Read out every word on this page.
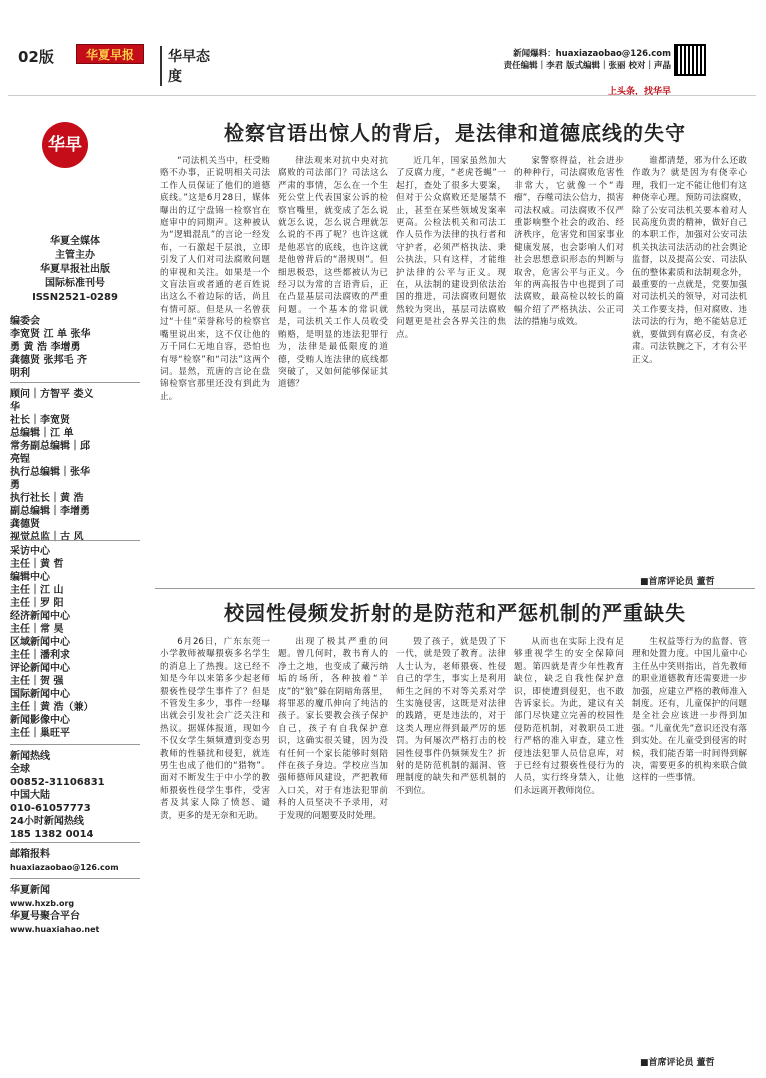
02版	华夏早报	华早态度
新闻爆料：huaxiazaobao@126.com
责任编辑｜李君 版式编辑｜张丽 校对｜声晶
上头条，找华早
华早
华夏全媒体
主管主办
华夏早报社出版
国际标准刊号
ISSN2521-0289
编委会
李宽贤 江 单 张华
勇 黄 浩 李增勇
龚德贤 张邦毛 齐
明利
顾问｜方智平 娄义
华
社长｜李宽贤
总编辑｜江 单
常务副总编辑｜邱
亮锃
执行总编辑｜张华
勇
执行社长｜黄 浩
副总编辑｜李增勇
龚德贤
视觉总监｜古 风
采访中心
主任｜黄 哲
编辑中心
主任｜江 山
主任｜罗 阳
经济新闻中心
主任｜常 昊
区域新闻中心
主任｜潘利求
评论新闻中心
主任｜贺 强
国际新闻中心
主任｜黄 浩（兼）
新闻影像中心
主任｜巢旺平
新闻热线
全球
00852-31106831
中国大陆
010-61057773
24小时新闻热线
185 1382 0014
邮箱报料
huaxiazaobao@126.com
华夏新闻
www.hxzb.org
华夏号聚合平台
www.huaxiahao.net
检察官语出惊人的背后，是法律和道德底线的失守

“司法机关当中，枉受贿赂不办事，正说明相关司法工作人员保证了他们的道德底线。”这是6月28日，媒体曝出的辽宁盘锦一检察官在庭审中的同期声。这种被认为“逻辑混乱”的言论一经发布，一石激起千层浪，立即引发了人们对司法腐败问题的审视和关注。如果是一个文盲法盲或者通的老百姓说出这么不着边际的话，尚且有情可原。但是从一名曾获过“十佳”荣誉称号的检察官嘴里说出来，这不仅让他的万千同仁无地自容，恐怕也有辱“检察”和“司法”这两个词。显然，荒唐的言论在盘锦检察官那里还没有到此为止。

律法观来对抗中央对抗腐败的司法部门？司法这么严肃的事情，怎么在一个生死公堂上代表国家公诉的检察官嘴里，就变成了怎么说就怎么说，怎么说合理就怎么说的不再了呢？也许这就是他恶官的底线，也许这就是他曾背后的“潜规则”。但细思极恐，这些都被认为已经习以为常的言语背后，正在凸显基层司法腐败的严重问题。一个基本的常识就是，司法机关工作人员收受贿赂，是明显的违法犯罪行为，法律是最低限度的道德，受贿人连法律的底线都突破了，又如何能够保证其道德？

近几年，国家虽然加大了反腐力度，“老虎苍蝇”一起打，查处了很多大要案，但对于公众腐败还是屡禁不止，甚至在某些领域发案率更高。公检法机关和司法工作人员作为法律的执行者和守护者，必须严格执法、秉公执法，只有这样，才能维护法律的公平与正义。现在，从法制的建设到依法治国的推进，司法腐败问题依然较为突出，基层司法腐败问题更是社会各界关注的焦点。

家警察得益，社会进步的种种行，司法腐败危害性非常大，它就像一个“毒瘤”，吞噬司法公信力，损害司法权威。司法腐败不仅严重影响整个社会的政治、经济秩序，危害党和国家事业健康发展，也会影响人们对社会思想意识形态的判断与取舍，危害公平与正义。今年的两高报告中也提到了司法腐败，最高检以较长的篇幅介绍了严格执法、公正司法的措施与成效。

谁都清楚，邪为什么还敢作敢为？就是因为有侥幸心理，我们一定不能让他们有这种侥幸心理。预防司法腐败，除了公安司法机关要本着对人民高度负责的精神，做好自己的本职工作，加强对公安司法机关执法司法活动的社会舆论监督，以及提高公安、司法队伍的整体素质和法制观念外，最重要的一点就是，党要加强对司法机关的领导，对司法机关工作要支持，但对腐败、违法司法的行为，绝不能姑息迁就，要做到有腐必反，有贪必肃。司法铁腕之下，才有公平正义。

■首席评论员 董哲
校园性侵频发折射的是防范和严惩机制的严重缺失

6月26日，广东东莞一小学教师被曝猥亵多名学生的消息上了热搜。这已经不知是今年以来第多少起老师猥亵性侵学生事件了？但是不管发生多少，事件一经曝出就会引发社会广泛关注和热议。据媒体报道，现如今不仅女学生频频遭到变态男教师的性骚扰和侵犯，就连男生也成了他们的“猎物”。面对不断发生于中小学的教师猥亵性侵学生事件，受害者及其家人除了愤怒、谴责，更多的是无奈和无助。

出现了极其严重的问题。曾几何时，教书育人的净土之地，也变成了藏污纳垢的场所，各种披着“羊皮”的“狼”躲在阴暗角落里，将罪恶的魔爪伸向了纯洁的孩子。家长要教会孩子保护自己，孩子有自我保护意识，这确实很关键，因为没有任何一个家长能够时刻陪伴在孩子身边。学校应当加强师德师风建设，严把教师入口关，对于有违法犯罪前科的人员坚决不予录用，对于发现的问题要及时处理。

毁了孩子，就是毁了下一代，就是毁了教育。法律人士认为，老师猥亵、性侵自己的学生，事实上是利用师生之间的不对等关系对学生实施侵害，这既是对法律的践踏，更是违法的，对于这类人理应得到最严厉的惩罚。为何屡次严格打击的校园性侵事件仍频频发生？折射的是防范机制的漏洞、管理制度的缺失和严惩机制的不到位。

从而也在实际上没有足够重视学生的安全保障问题。第四就是青少年性教育缺位，缺乏自我性保护意识，即使遭到侵犯，也不敢告诉家长。为此，建议有关部门尽快建立完善的校园性侵防范机制，对教职员工进行严格的准入审查，建立性侵违法犯罪人员信息库，对于已经有过猥亵性侵行为的人员，实行终身禁入，让他们永远离开教师岗位。

生权益等行为的监督、管理和处置力度。中国儿童中心主任丛中笑则指出，首先教师的职业道德教育还需要进一步加强，应建立严格的教师准入制度。还有，儿童保护的问题是全社会应该进一步得到加强。“儿童优先”意识还没有落到实处。在儿童受到侵害的时候，我们能否第一时间得到解决，需要更多的机构来联合做这样的一些事情。

■首席评论员 董哲
